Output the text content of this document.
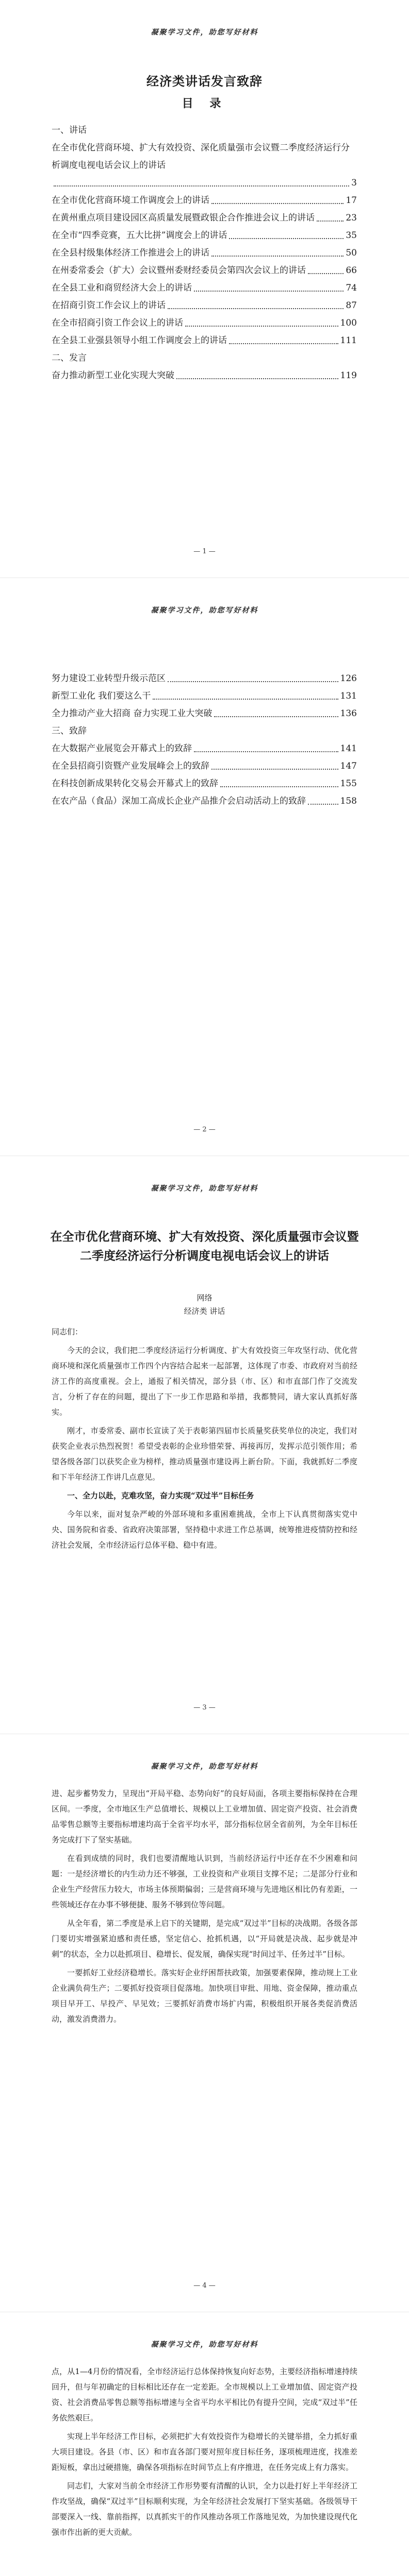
凝聚学习文件，助您写好材料
经济类讲话发言致辞
目 录
一、讲话
在全市优化营商环境、扩大有效投资、深化质量强市会议暨二季度经济运行分析调度电视电话会议上的讲话
3
在全市优化营商环境工作调度会上的讲话	17
在黄州重点项目建设园区高质量发展暨政银企合作推进会议上的讲话	23
在全市“四季竞赛，五大比拼”调度会上的讲话	35
在全县村级集体经济工作推进会上的讲话	50
在州委常委会（扩大）会议暨州委财经委员会第四次会议上的讲话	66
在全县工业和商贸经济大会上的讲话	74
在招商引资工作会议上的讲话	87
在全市招商引资工作会议上的讲话	100
在全县工业强县领导小组工作调度会上的讲话	111
二、发言
奋力推动新型工业化实现大突破	119
— 1 —
凝聚学习文件，助您写好材料
努力建设工业转型升级示范区	126
新型工业化 我们要这么干	131
全力推动产业大招商 奋力实现工业大突破	136
三、致辞
在大数据产业展览会开幕式上的致辞	141
在全县招商引资暨产业发展峰会上的致辞	147
在科技创新成果转化交易会开幕式上的致辞	155
在农产品（食品）深加工高成长企业产品推介会启动活动上的致辞	158
— 2 —
凝聚学习文件，助您写好材料
在全市优化营商环境、扩大有效投资、深化质量强市会议暨二季度经济运行分析调度电视电话会议上的讲话
网络
经济类 讲话

同志们：

今天的会议，我们把二季度经济运行分析调度、扩大有效投资三年攻坚行动、优化营商环境和深化质量强市工作四个内容结合起来一起部署，这体现了市委、市政府对当前经济工作的高度重视。会上，通报了相关情况，部分县（市、区）和市直部门作了交流发言，分析了存在的问题，提出了下一步工作思路和举措，我都赞同，请大家认真抓好落实。

刚才，市委常委、副市长宣读了关于表彰第四届市长质量奖获奖单位的决定，我们对获奖企业表示热烈祝贺！希望受表彰的企业珍惜荣誉、再接再厉，发挥示范引领作用；希望各级各部门以获奖企业为榜样，推动质量强市建设再上新台阶。下面，我就抓好二季度和下半年经济工作讲几点意见。

一、全力以赴，克难攻坚，奋力实现“双过半”目标任务

今年以来，面对复杂严峻的外部环境和多重困难挑战，全市上下认真贯彻落实党中央、国务院和省委、省政府决策部署，坚持稳中求进工作总基调，统筹推进疫情防控和经济社会发展，全市经济运行总体平稳、稳中有进。

— 3 —
凝聚学习文件，助您写好材料

进、起步蓄势发力，呈现出“开局平稳、态势向好”的良好局面，各项主要指标保持在合理区间。一季度，全市地区生产总值增长、规模以上工业增加值、固定资产投资、社会消费品零售总额等主要指标增速均高于全省平均水平，部分指标位居全省前列，为全年目标任务完成打下了坚实基础。

在看到成绩的同时，我们也要清醒地认识到，当前经济运行中还存在不少困难和问题：一是经济增长的内生动力还不够强，工业投资和产业项目支撑不足；二是部分行业和企业生产经营压力较大，市场主体预期偏弱；三是营商环境与先进地区相比仍有差距，一些领域还存在办事不够便捷、服务不够到位等问题。

从全年看，第二季度是承上启下的关键期，是完成“双过半”目标的决战期。各级各部门要切实增强紧迫感和责任感，坚定信心、抢抓机遇，以“开局就是决战、起步就是冲刺”的状态，全力以赴抓项目、稳增长、促发展，确保实现“时间过半、任务过半”目标。

一要抓好工业经济稳增长。落实好企业纾困帮扶政策，加强要素保障，推动规上工业企业满负荷生产；二要抓好投资项目促落地。加快项目审批、用地、资金保障，推动重点项目早开工、早投产、早见效；三要抓好消费市场扩内需，积极组织开展各类促消费活动，激发消费潜力。

— 4 —
凝聚学习文件，助您写好材料

点，从1—4月份的情况看，全市经济运行总体保持恢复向好态势，主要经济指标增速持续回升，但与年初确定的目标相比还存在一定差距。全市规模以上工业增加值、固定资产投资、社会消费品零售总额等指标增速与全省平均水平相比仍有提升空间，完成“双过半”任务依然艰巨。

实现上半年经济工作目标，必须把扩大有效投资作为稳增长的关键举措，全力抓好重大项目建设。各县（市、区）和市直各部门要对照年度目标任务，逐项梳理进度，找准差距短板，拿出过硬措施，确保各项指标在时间节点上有序推进，在任务完成上有力落实。

同志们，大家对当前全市经济工作形势要有清醒的认识，全力以赴打好上半年经济工作攻坚战，确保“双过半”目标顺利实现，为全年经济社会发展打下坚实基础。各级领导干部要深入一线、靠前指挥，以真抓实干的作风推动各项工作落地见效，为加快建设现代化强市作出新的更大贡献。
